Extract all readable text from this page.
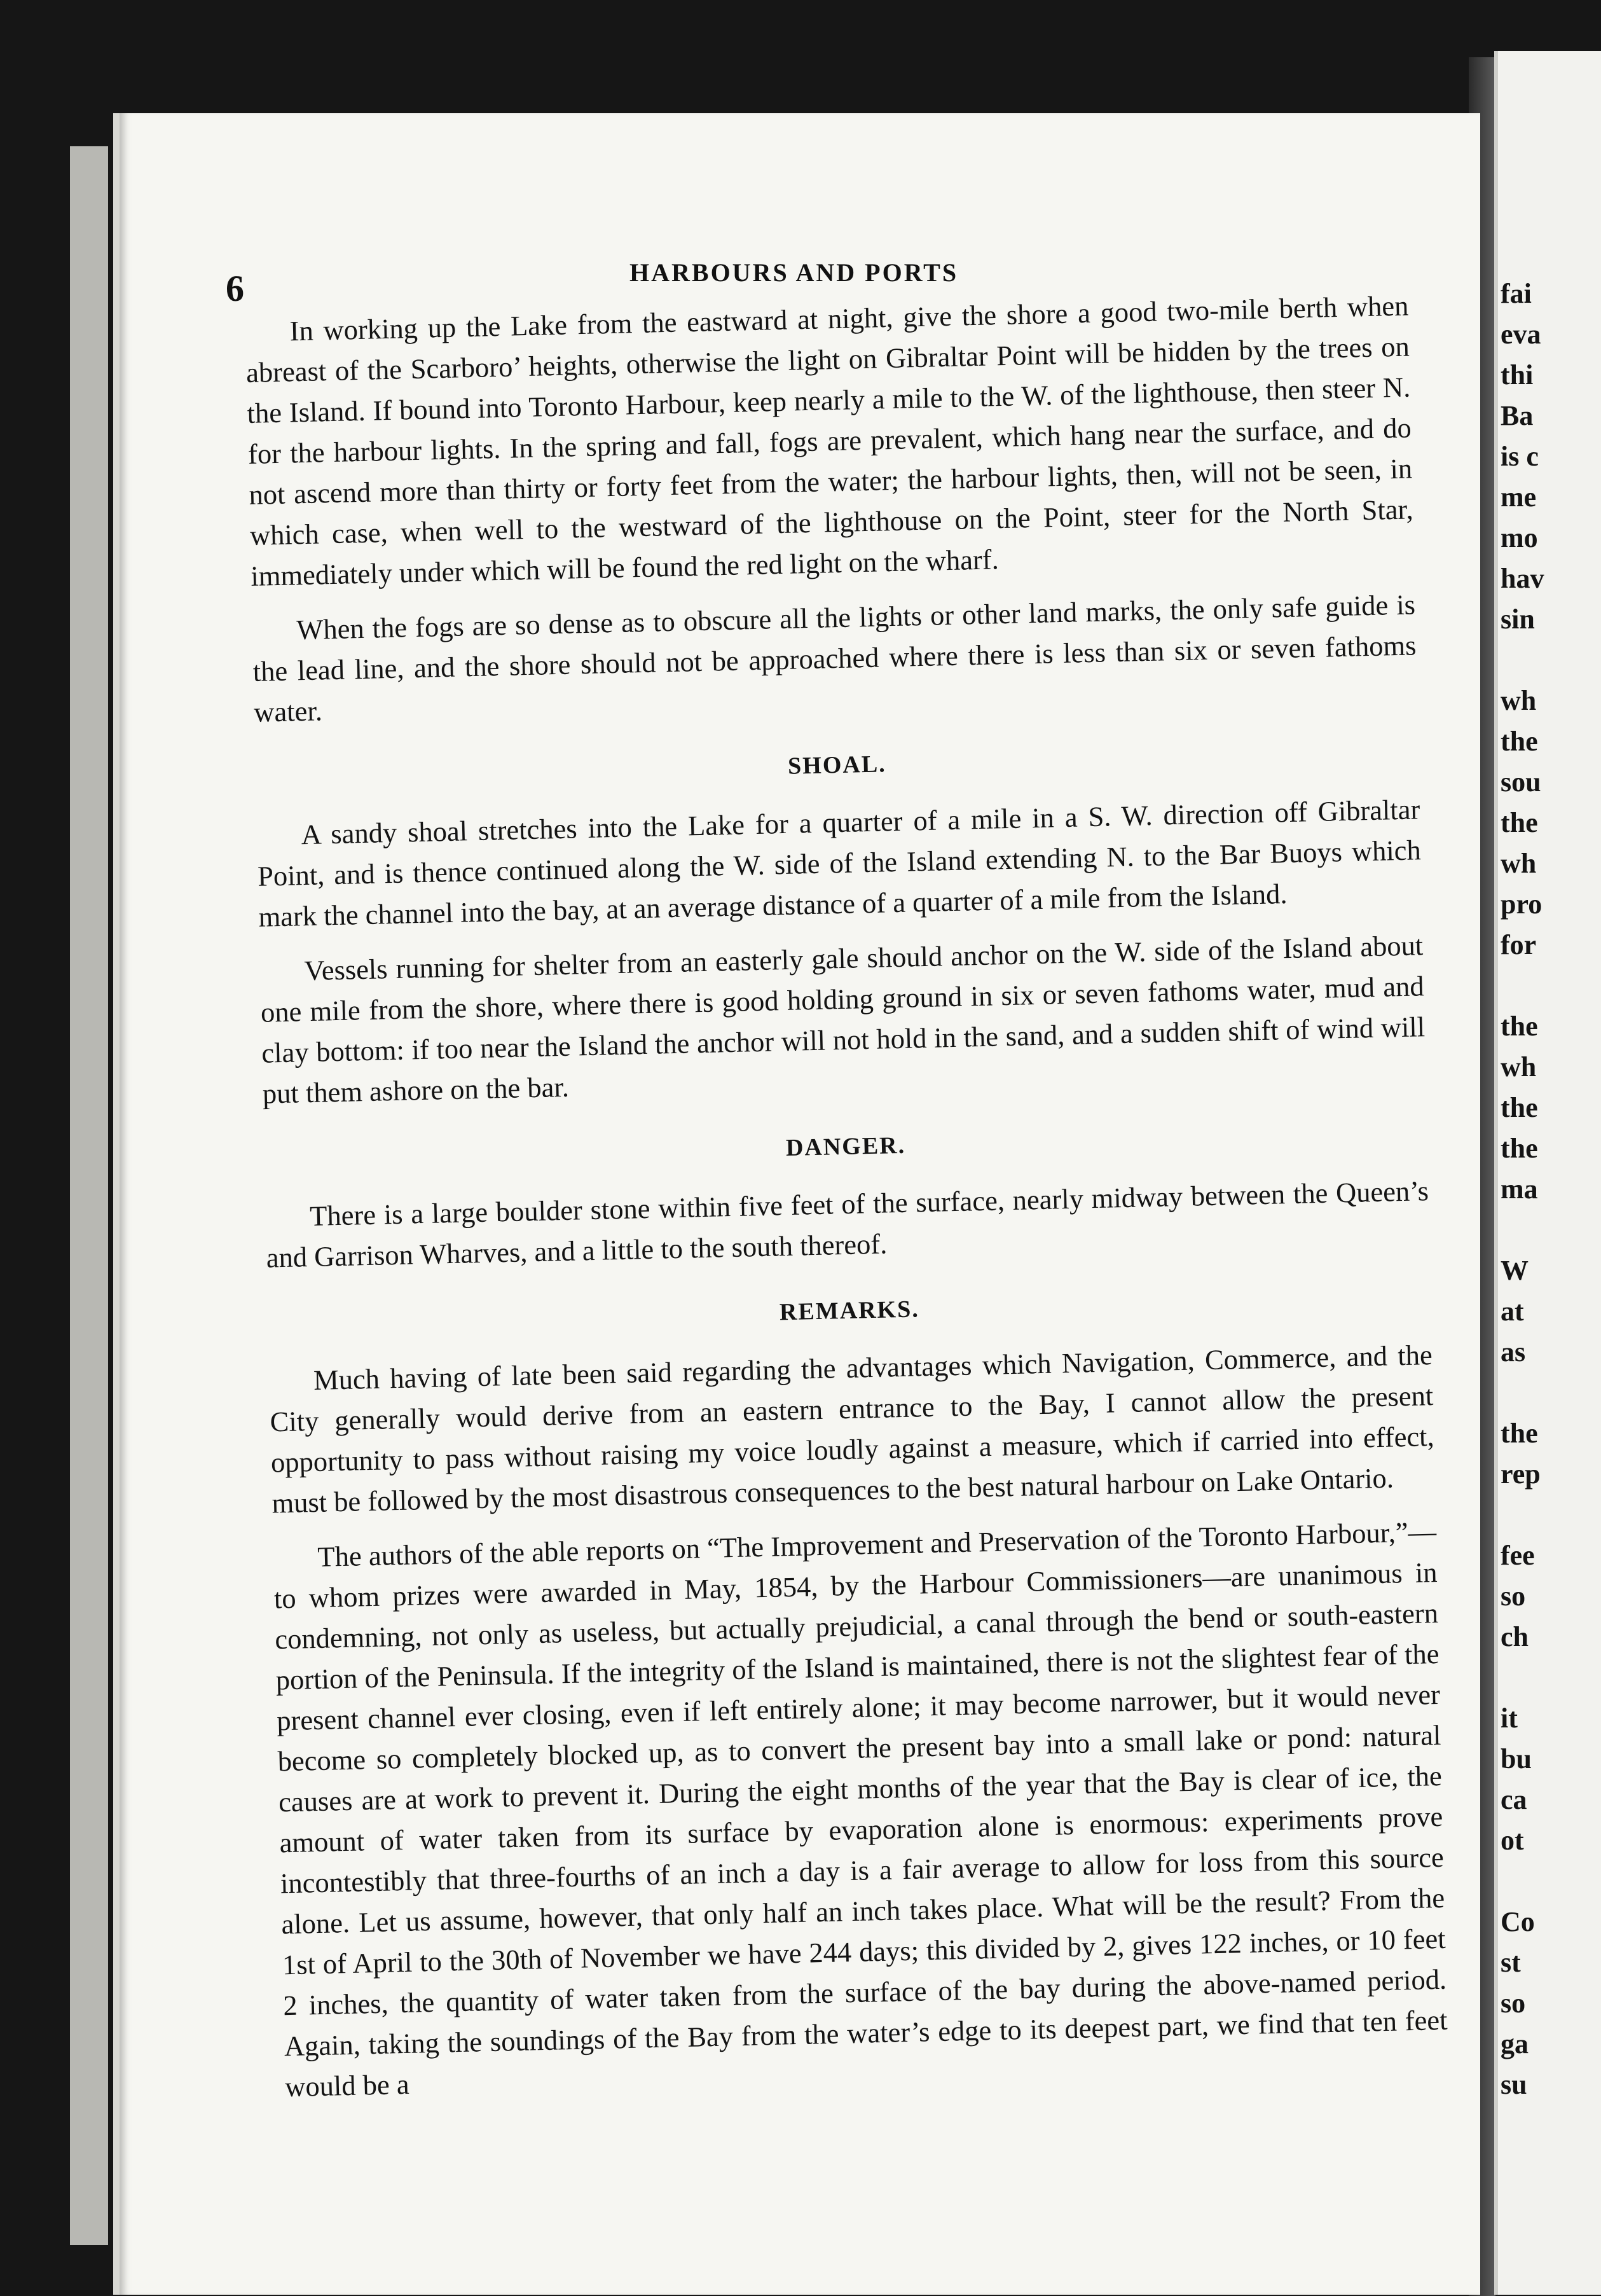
6	HARBOURS AND PORTS

In working up the Lake from the eastward at night, give the shore a good two-mile berth when abreast of the Scarboro’ heights, otherwise the light on Gibraltar Point will be hidden by the trees on the Island. If bound into Toronto Harbour, keep nearly a mile to the W. of the lighthouse, then steer N. for the harbour lights. In the spring and fall, fogs are prevalent, which hang near the surface, and do not ascend more than thirty or forty feet from the water; the harbour lights, then, will not be seen, in which case, when well to the westward of the lighthouse on the Point, steer for the North Star, immediately under which will be found the red light on the wharf.

When the fogs are so dense as to obscure all the lights or other land marks, the only safe guide is the lead line, and the shore should not be approached where there is less than six or seven fathoms water.

SHOAL.

A sandy shoal stretches into the Lake for a quarter of a mile in a S. W. direction off Gibraltar Point, and is thence continued along the W. side of the Island extending N. to the Bar Buoys which mark the channel into the bay, at an average distance of a quarter of a mile from the Island.

Vessels running for shelter from an easterly gale should anchor on the W. side of the Island about one mile from the shore, where there is good holding ground in six or seven fathoms water, mud and clay bottom: if too near the Island the anchor will not hold in the sand, and a sudden shift of wind will put them ashore on the bar.

DANGER.

There is a large boulder stone within five feet of the surface, nearly midway between the Queen’s and Garrison Wharves, and a little to the south thereof.

REMARKS.

Much having of late been said regarding the advantages which Navigation, Commerce, and the City generally would derive from an eastern entrance to the Bay, I cannot allow the present opportunity to pass without raising my voice loudly against a measure, which if carried into effect, must be followed by the most disastrous consequences to the best natural harbour on Lake Ontario.

The authors of the able reports on “The Improvement and Preservation of the Toronto Harbour,”—to whom prizes were awarded in May, 1854, by the Harbour Commissioners—are unanimous in condemning, not only as useless, but actually prejudicial, a canal through the bend or south-eastern portion of the Peninsula. If the integrity of the Island is maintained, there is not the slightest fear of the present channel ever closing, even if left entirely alone; it may become narrower, but it would never become so completely blocked up, as to convert the present bay into a small lake or pond: natural causes are at work to prevent it. During the eight months of the year that the Bay is clear of ice, the amount of water taken from its surface by evaporation alone is enormous: experiments prove incontestibly that three-fourths of an inch a day is a fair average to allow for loss from this source alone. Let us assume, however, that only half an inch takes place. What will be the result? From the 1st of April to the 30th of November we have 244 days; this divided by 2, gives 122 inches, or 10 feet 2 inches, the quantity of water taken from the surface of the bay during the above-named period. Again, taking the soundings of the Bay from the water’s edge to its deepest part, we find that ten feet would be a

fai
eva
thi
Ba
is c
me
mo
hav
sin
wh
the
sou
the
wh
pro
for
the
wh
the
the
ma
W
at
as
the
rep
fee
so
ch
it
bu
ca
ot
Co
st
so
ga
su
